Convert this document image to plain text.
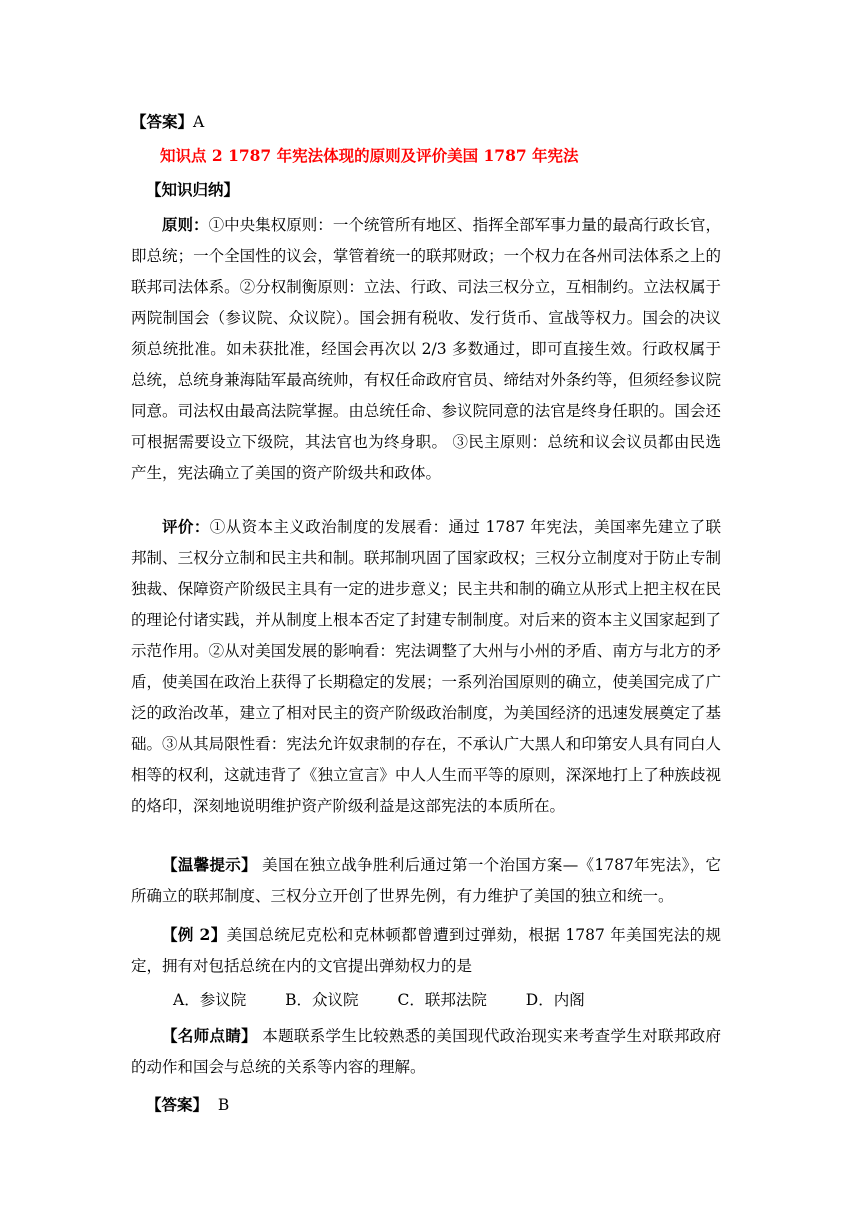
【答案】A
知识点 2 1787 年宪法体现的原则及评价美国 1787 年宪法
【知识归纳】
原则：①中央集权原则：一个统管所有地区、指挥全部军事力量的最高行政长官，即总统；一个全国性的议会，掌管着统一的联邦财政；一个权力在各州司法体系之上的联邦司法体系。②分权制衡原则：立法、行政、司法三权分立，互相制约。立法权属于两院制国会（参议院、众议院）。国会拥有税收、发行货币、宣战等权力。国会的决议须总统批准。如未获批准，经国会再次以 2/3 多数通过，即可直接生效。行政权属于总统，总统身兼海陆军最高统帅，有权任命政府官员、缔结对外条约等，但须经参议院同意。司法权由最高法院掌握。由总统任命、参议院同意的法官是终身任职的。国会还可根据需要设立下级院，其法官也为终身职。 ③民主原则：总统和议会议员都由民选产生，宪法确立了美国的资产阶级共和政体。
评价：①从资本主义政治制度的发展看：通过 1787 年宪法，美国率先建立了联邦制、三权分立制和民主共和制。联邦制巩固了国家政权；三权分立制度对于防止专制独裁、保障资产阶级民主具有一定的进步意义；民主共和制的确立从形式上把主权在民的理论付诸实践，并从制度上根本否定了封建专制制度。对后来的资本主义国家起到了示范作用。②从对美国发展的影响看：宪法调整了大州与小州的矛盾、南方与北方的矛盾，使美国在政治上获得了长期稳定的发展；一系列治国原则的确立，使美国完成了广泛的政治改革，建立了相对民主的资产阶级政治制度，为美国经济的迅速发展奠定了基础。③从其局限性看：宪法允许奴隶制的存在，不承认广大黑人和印第安人具有同白人相等的权利，这就违背了《独立宣言》中人人生而平等的原则，深深地打上了种族歧视的烙印，深刻地说明维护资产阶级利益是这部宪法的本质所在。
【温馨提示】 美国在独立战争胜利后通过第一个治国方案—《1787年宪法》，它所确立的联邦制度、三权分立开创了世界先例，有力维护了美国的独立和统一。
【例 2】美国总统尼克松和克林顿都曾遭到过弹劾，根据 1787 年美国宪法的规定，拥有对包括总统在内的文官提出弹劾权力的是
A．参议院	B．众议院	C．联邦法院	D．内阁
【名师点睛】 本题联系学生比较熟悉的美国现代政治现实来考查学生对联邦政府的动作和国会与总统的关系等内容的理解。
【答案】  B
